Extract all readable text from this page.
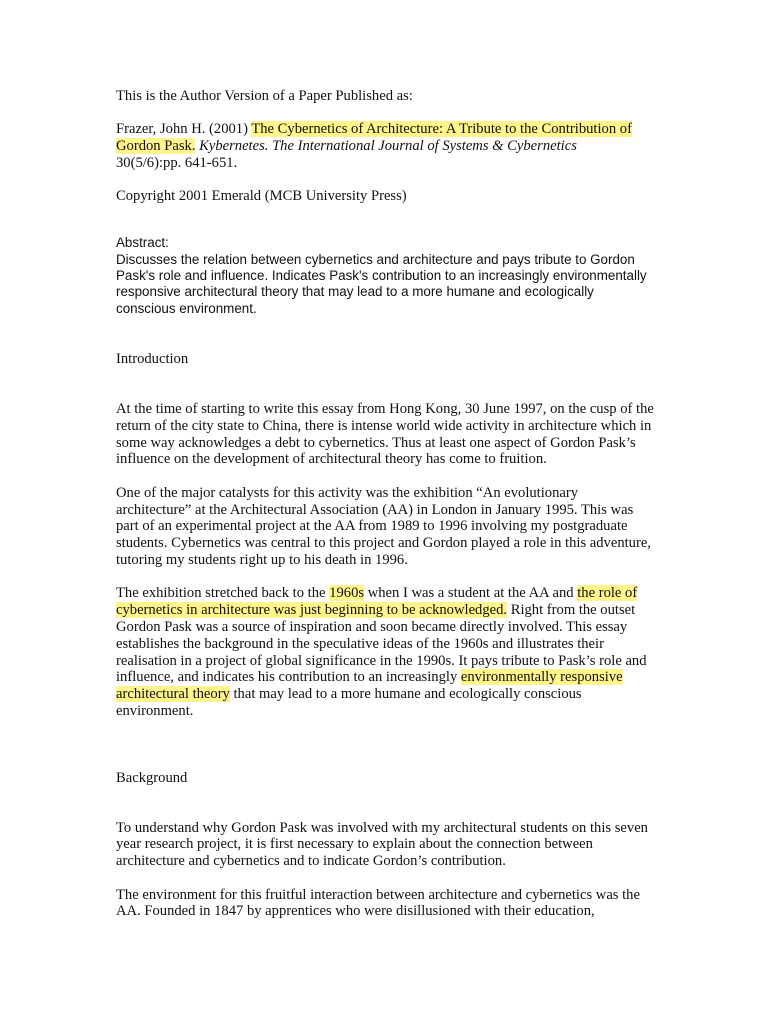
This is the Author Version of a Paper Published as:

Frazer, John H. (2001) The Cybernetics of Architecture: A Tribute to the Contribution of Gordon Pask. Kybernetes. The International Journal of Systems & Cybernetics
30(5/6):pp. 641-651.

Copyright 2001 Emerald (MCB University Press)

Abstract:

Discusses the relation between cybernetics and architecture and pays tribute to Gordon Pask's role and influence. Indicates Pask's contribution to an increasingly environmentally responsive architectural theory that may lead to a more humane and ecologically conscious environment.

Introduction

At the time of starting to write this essay from Hong Kong, 30 June 1997, on the cusp of the return of the city state to China, there is intense world wide activity in architecture which in some way acknowledges a debt to cybernetics. Thus at least one aspect of Gordon Pask’s influence on the development of architectural theory has come to fruition.

One of the major catalysts for this activity was the exhibition “An evolutionary architecture” at the Architectural Association (AA) in London in January 1995. This was part of an experimental project at the AA from 1989 to 1996 involving my postgraduate students. Cybernetics was central to this project and Gordon played a role in this adventure, tutoring my students right up to his death in 1996.

The exhibition stretched back to the 1960s when I was a student at the AA and the role of cybernetics in architecture was just beginning to be acknowledged. Right from the outset Gordon Pask was a source of inspiration and soon became directly involved. This essay establishes the background in the speculative ideas of the 1960s and illustrates their realisation in a project of global significance in the 1990s. It pays tribute to Pask’s role and influence, and indicates his contribution to an increasingly environmentally responsive architectural theory that may lead to a more humane and ecologically conscious environment.

Background

To understand why Gordon Pask was involved with my architectural students on this seven year research project, it is first necessary to explain about the connection between architecture and cybernetics and to indicate Gordon’s contribution.

The environment for this fruitful interaction between architecture and cybernetics was the AA. Founded in 1847 by apprentices who were disillusioned with their education,
